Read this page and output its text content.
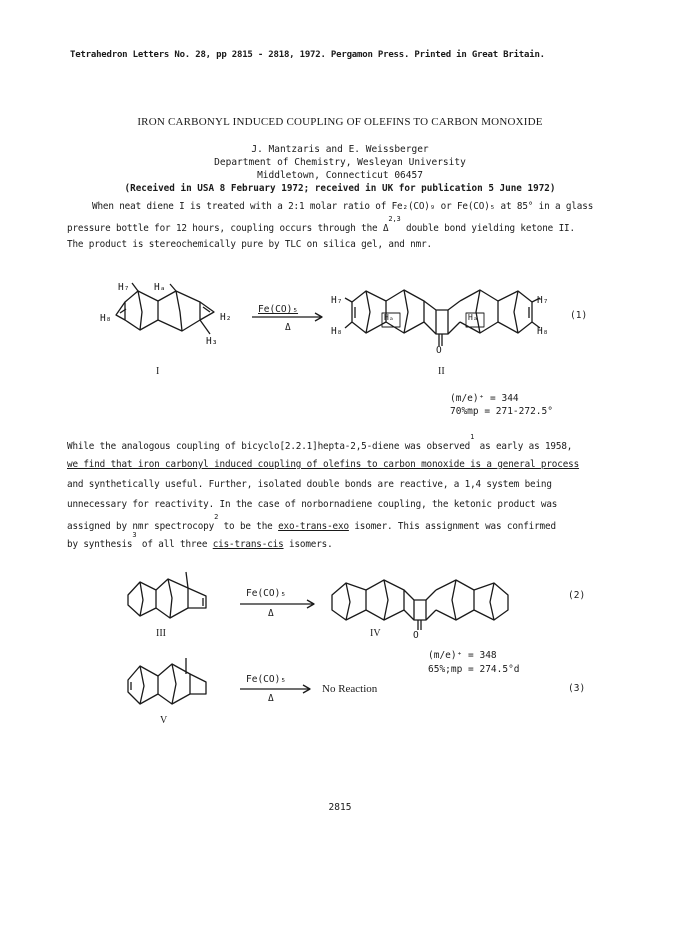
Tetrahedron Letters No. 28, pp 2815 - 2818, 1972. Pergamon Press. Printed in Great Britain.
IRON CARBONYL INDUCED COUPLING OF OLEFINS TO CARBON MONOXIDE
J. Mantzaris and E. Weissberger
Department of Chemistry, Wesleyan University
Middletown, Connecticut 06457
(Received in USA 8 February 1972; received in UK for publication 5 June 1972)
When neat diene I is treated with a 2:1 molar ratio of Fe₂(CO)₉ or Fe(CO)₅ at 85° in a glass
pressure bottle for 12 hours, coupling occurs through the Δ$^{2,3}$ double bond yielding ketone II.
The product is stereochemically pure by TLC on silica gel, and nmr.
H₇	Hₐ
H₈	H₂
H₃
I
Fe(CO)₅
Δ
H₇
H₈
Hₐ	Hₐ
H₇
H₈
O
II
(1)
(m/e)⁺ = 344
70%mp = 271-272.5°
While the analogous coupling of bicyclo[2.2.1]hepta-2,5-diene was observed$^1$ as early as 1958,
we find that iron carbonyl induced coupling of olefins to carbon monoxide is a general process
and synthetically useful. Further, isolated double bonds are reactive, a 1,4 system being
unnecessary for reactivity. In the case of norbornadiene coupling, the ketonic product was
assigned by nmr spectrocopy$^2$ to be the exo-trans-exo isomer. This assignment was confirmed
by synthesis$^3$ of all three cis-trans-cis isomers.
Fe(CO)₅
Δ
III	IV	O
(2)
(m/e)⁺ = 348
65%;mp = 274.5°d
Fe(CO)₅
Δ
No Reaction	(3)
V
2815
